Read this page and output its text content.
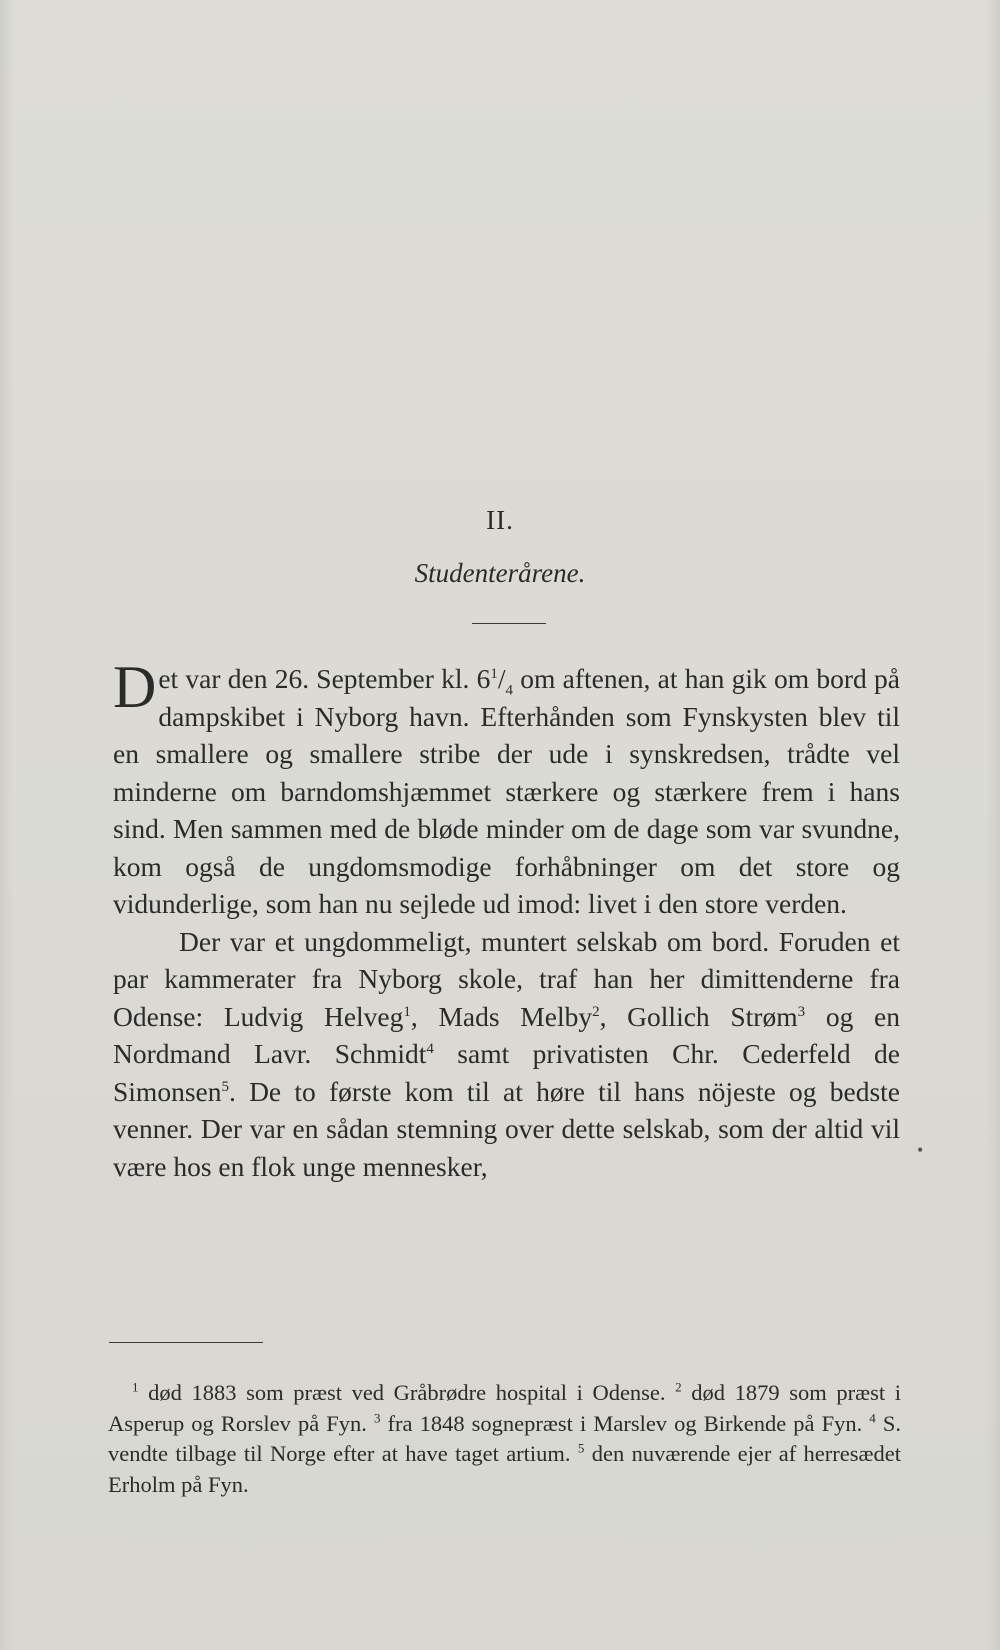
II.
Studenterårene.

Det var den 26. September kl. $6^1/_4$ om aftenen, at han gik om bord på dampskibet i Nyborg havn. Efterhånden som Fynskysten blev til en smallere og smallere stribe der ude i synskredsen, trådte vel minderne om barndomshjæmmet stærkere og stærkere frem i hans sind. Men sammen med de bløde minder om de dage som var svundne, kom også de ungdomsmodige forhåbninger om det store og vidunderlige, som han nu sejlede ud imod: livet i den store verden.

Der var et ungdommeligt, muntert selskab om bord. Foruden et par kammerater fra Nyborg skole, traf han her dimittenderne fra Odense: Ludvig Helveg$^1$, Mads Melby$^2$, Gollich Strøm$^3$ og en Nordmand Lavr. Schmidt$^4$ samt privatisten Chr. Cederfeld de Simonsen$^5$. De to første kom til at høre til hans nöjeste og bedste venner. Der var en sådan stemning over dette selskab, som der altid vil være hos en flok unge mennesker,

•

$^1$ død 1883 som præst ved Gråbrødre hospital i Odense. $^2$ død 1879 som præst i Asperup og Rorslev på Fyn. $^3$ fra 1848 sognepræst i Marslev og Birkende på Fyn. $^4$ S. vendte tilbage til Norge efter at have taget artium. $^5$ den nuværende ejer af herresædet Erholm på Fyn.
